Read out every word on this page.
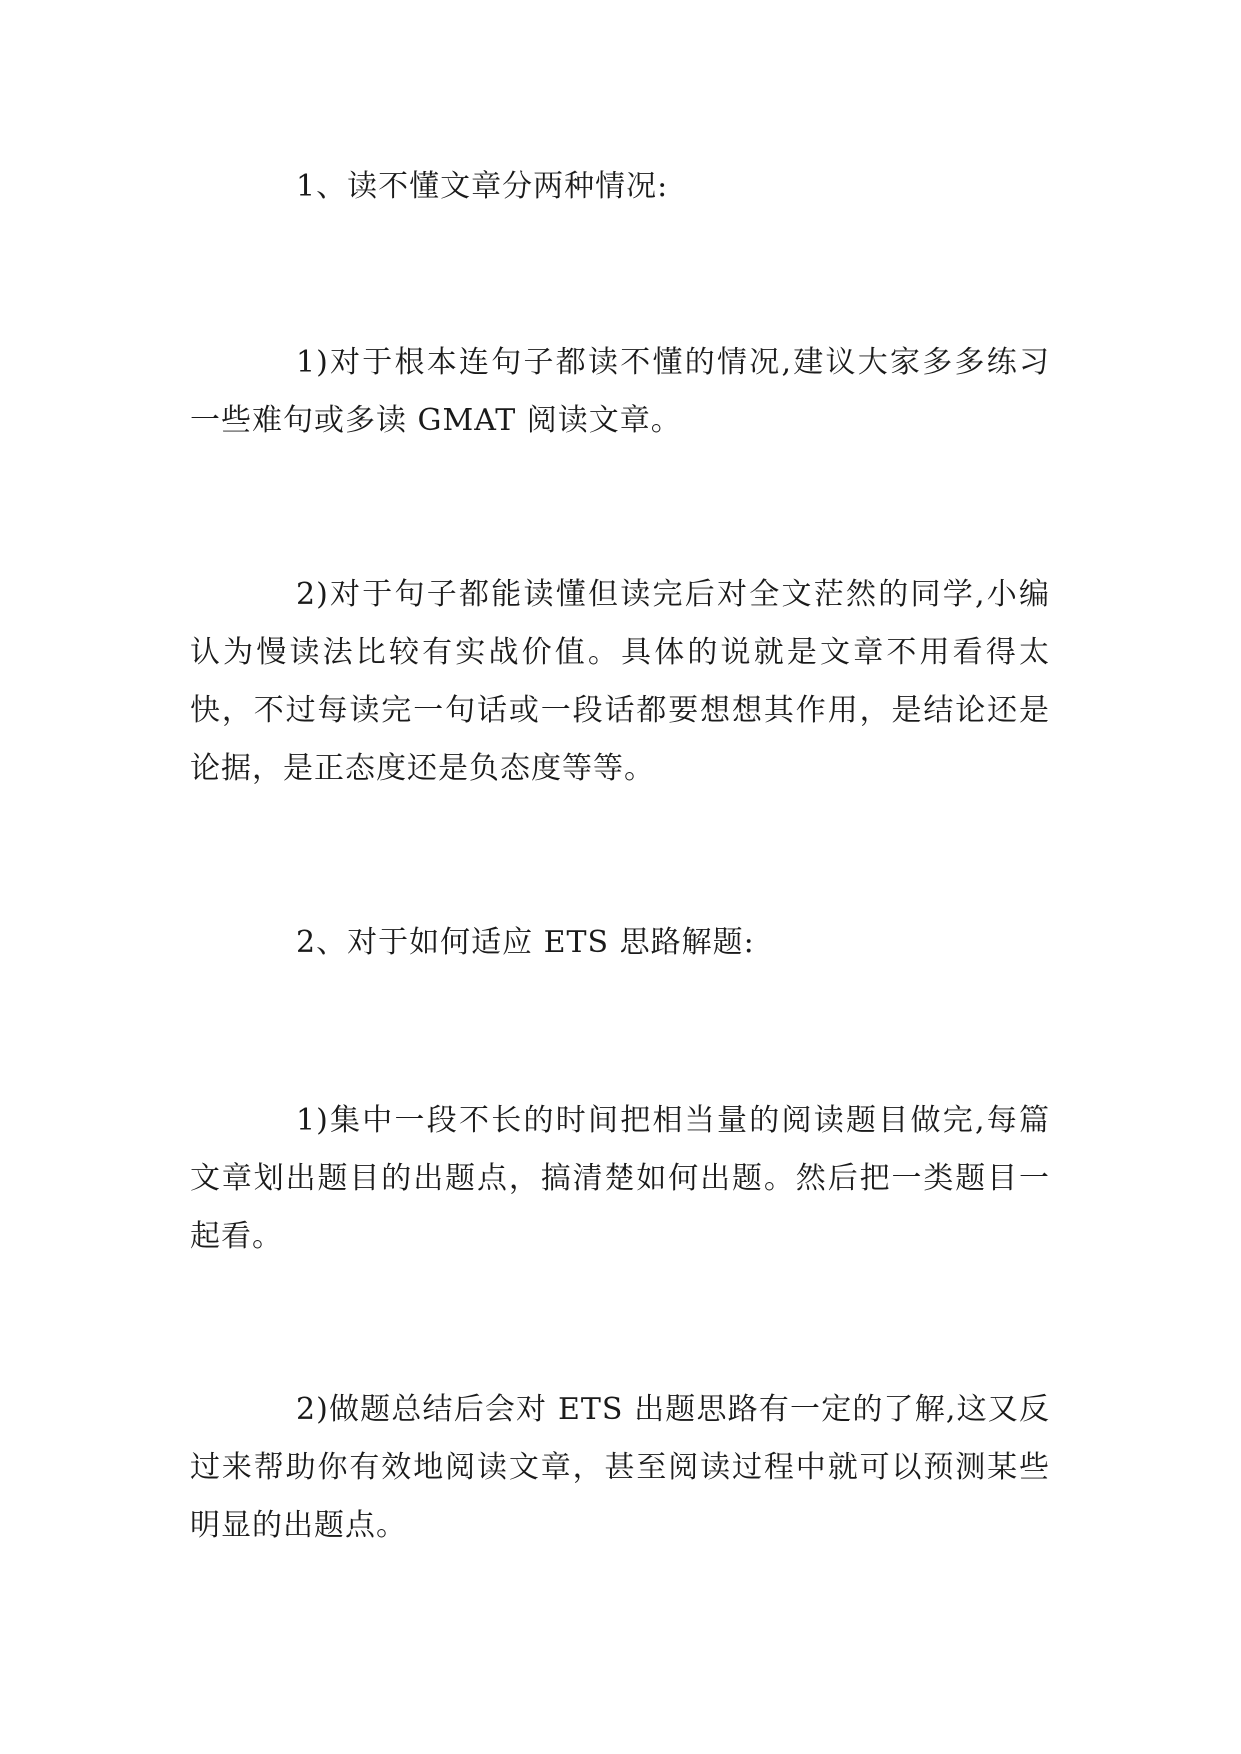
1、读不懂文章分两种情况:

1)对于根本连句子都读不懂的情况,建议大家多多练习一些难句或多读 GMAT 阅读文章。

2)对于句子都能读懂但读完后对全文茫然的同学,小编认为慢读法比较有实战价值。具体的说就是文章不用看得太快，不过每读完一句话或一段话都要想想其作用，是结论还是论据，是正态度还是负态度等等。

2、对于如何适应 ETS 思路解题:

1)集中一段不长的时间把相当量的阅读题目做完,每篇文章划出题目的出题点，搞清楚如何出题。然后把一类题目一起看。

2)做题总结后会对 ETS 出题思路有一定的了解,这又反过来帮助你有效地阅读文章，甚至阅读过程中就可以预测某些明显的出题点。
